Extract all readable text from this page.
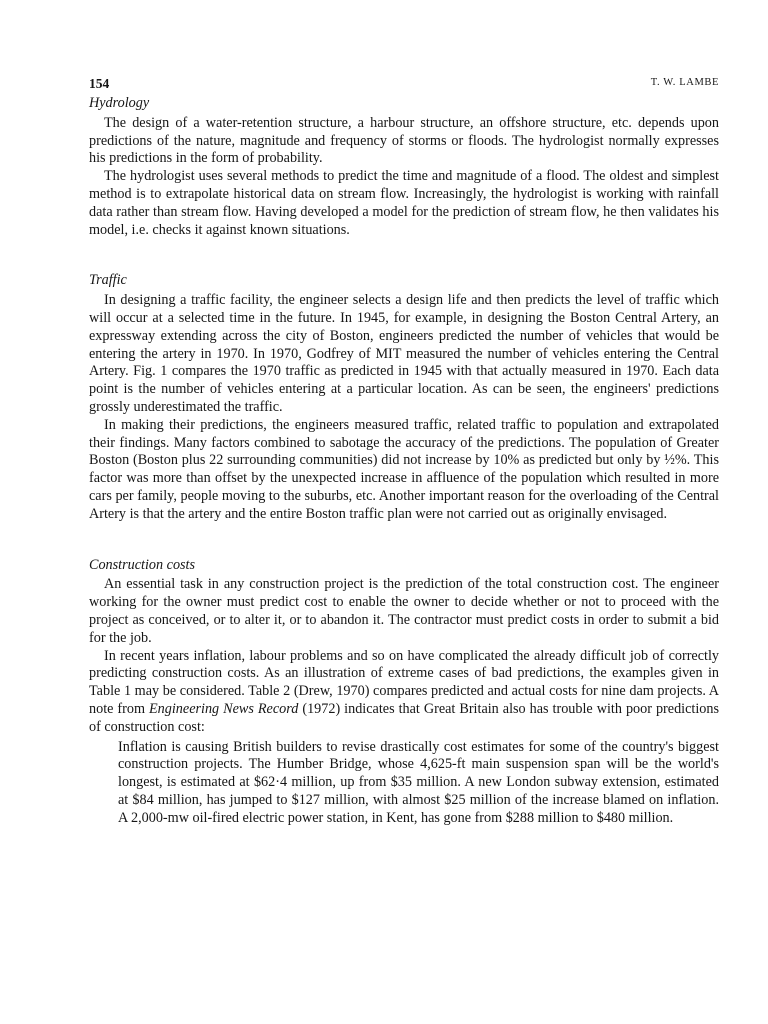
154	T. W. LAMBE
Hydrology

The design of a water-retention structure, a harbour structure, an offshore structure, etc. depends upon predictions of the nature, magnitude and frequency of storms or floods. The hydrologist normally expresses his predictions in the form of probability.

The hydrologist uses several methods to predict the time and magnitude of a flood. The oldest and simplest method is to extrapolate historical data on stream flow. Increasingly, the hydrologist is working with rainfall data rather than stream flow. Having developed a model for the prediction of stream flow, he then validates his model, i.e. checks it against known situations.

Traffic

In designing a traffic facility, the engineer selects a design life and then predicts the level of traffic which will occur at a selected time in the future. In 1945, for example, in designing the Boston Central Artery, an expressway extending across the city of Boston, engineers predicted the number of vehicles that would be entering the artery in 1970. In 1970, Godfrey of MIT measured the number of vehicles entering the Central Artery. Fig. 1 compares the 1970 traffic as predicted in 1945 with that actually measured in 1970. Each data point is the number of vehicles entering at a particular location. As can be seen, the engineers' predictions grossly underestimated the traffic.

In making their predictions, the engineers measured traffic, related traffic to population and extrapolated their findings. Many factors combined to sabotage the accuracy of the predictions. The population of Greater Boston (Boston plus 22 surrounding communities) did not increase by 10% as predicted but only by ½%. This factor was more than offset by the unexpected increase in affluence of the population which resulted in more cars per family, people moving to the suburbs, etc. Another important reason for the overloading of the Central Artery is that the artery and the entire Boston traffic plan were not carried out as originally envisaged.

Construction costs

An essential task in any construction project is the prediction of the total construction cost. The engineer working for the owner must predict cost to enable the owner to decide whether or not to proceed with the project as conceived, or to alter it, or to abandon it. The contractor must predict costs in order to submit a bid for the job.

In recent years inflation, labour problems and so on have complicated the already difficult job of correctly predicting construction costs. As an illustration of extreme cases of bad predictions, the examples given in Table 1 may be considered. Table 2 (Drew, 1970) compares predicted and actual costs for nine dam projects. A note from Engineering News Record (1972) indicates that Great Britain also has trouble with poor predictions of construction cost:

Inflation is causing British builders to revise drastically cost estimates for some of the country's biggest construction projects. The Humber Bridge, whose 4,625-ft main suspension span will be the world's longest, is estimated at $62·4 million, up from $35 million. A new London subway extension, estimated at $84 million, has jumped to $127 million, with almost $25 million of the increase blamed on inflation. A 2,000-mw oil-fired electric power station, in Kent, has gone from $288 million to $480 million.
